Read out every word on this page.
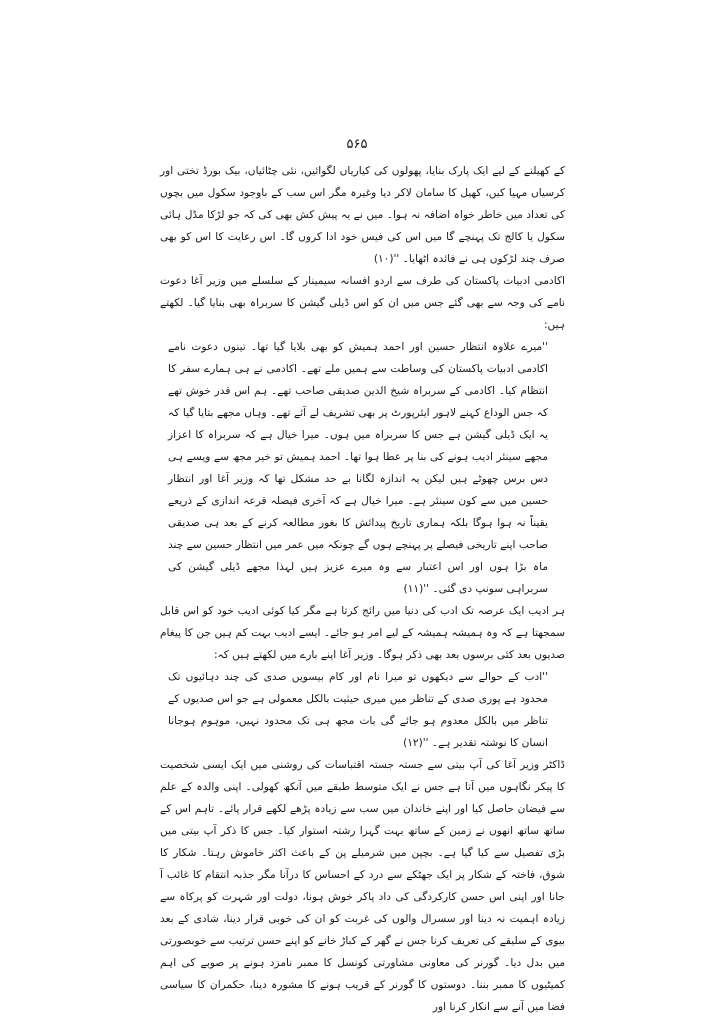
۵۶۵

کے کھیلنے کے لیے ایک پارک بنایا، پھولوں کی کیاریاں لگوائیں، نئی چٹائیاں، بیک بورڈ تختی اور کرسیاں مہیا کیں، کھیل کا سامان لاکر دیا وغیرہ مگر اس سب کے باوجود سکول میں بچوں کی تعداد میں خاطر خواہ اضافہ نہ ہوا۔ میں نے یہ پیش کش بھی کی کہ جو لڑکا مڈل ہائی سکول یا کالج تک پہنچے گا میں اس کی فیس خود ادا کروں گا۔ اس رعایت کا اس کو بھی صرف چند لڑکوں ہی نے فائدہ اٹھایا۔ ''(۱۰)

اکادمی ادبیات پاکستان کی طرف سے اردو افسانہ سیمینار کے سلسلے میں وزیر آغا دعوت نامے کی وجہ سے بھی گئے جس میں ان کو اس ڈیلی گیشن کا سربراہ بھی بنایا گیا۔ لکھتے ہیں:

''میرے علاوہ انتظار حسین اور احمد ہمیش کو بھی بلایا گیا تھا۔ تینوں دعوت نامے اکادمی ادبیات پاکستان کی وساطت سے ہمیں ملے تھے۔ اکادمی نے ہی ہمارے سفر کا انتظام کیا۔ اکادمی کے سربراہ شیخ الدین صدیقی صاحب تھے۔ ہم اس قدر خوش تھے کہ جس الوداع کہنے لاہور ایئرپورٹ پر بھی تشریف لے آئے تھے۔ وہاں مجھے بتایا گیا کہ یہ ایک ڈیلی گیشن ہے جس کا سربراہ میں ہوں۔ میرا خیال ہے کہ سربراہ کا اعزاز مجھے سینئر ادیب ہونے کی بنا پر عطا ہوا تھا۔ احمد ہمیش تو خیر مجھ سے ویسے ہی دس برس چھوٹے ہیں لیکن یہ اندازہ لگانا بے حد مشکل تھا کہ وزیر آغا اور انتظار حسین میں سے کون سینئر ہے۔ میرا خیال ہے کہ آخری فیصلہ قرعہ اندازی کے ذریعے یقیناً نہ ہوا ہوگا بلکہ ہماری تاریخ پیدائش کا بغور مطالعہ کرنے کے بعد ہی صدیقی صاحب اپنے تاریخی فیصلے پر پہنچے ہوں گے چونکہ میں عمر میں انتظار حسین سے چند ماہ بڑا ہوں اور اس اعتبار سے وہ میرے عزیز ہیں لہذا مجھے ڈیلی گیشن کی سربراہی سونپ دی گئی۔ ''(۱۱)

ہر ادیب ایک عرصہ تک ادب کی دنیا میں رائج کرتا ہے مگر کیا کوئی ادیب خود کو اس قابل سمجھتا ہے کہ وہ ہمیشہ ہمیشہ کے لیے امر ہو جائے۔ ایسے ادیب بہت کم ہیں جن کا پیغام صدیوں بعد کئی برسوں بعد بھی ذکر ہوگا۔ وزیر آغا اپنے بارے میں لکھتے ہیں کہ:

''ادب کے حوالے سے دیکھوں تو میرا نام اور کام بیسویں صدی کی چند دہائیوں تک محدود ہے پوری صدی کے تناظر میں میری حیثیت بالکل معمولی ہے جو اس صدیوں کے تناظر میں بالکل معدوم ہو جائے گی بات مجھ ہی تک محدود نہیں، موہوم ہوجانا انسان کا نوشتہ تقدیر ہے۔ ''(۱۲)

ڈاکٹر وزیر آغا کی آپ بیتی سے جستہ جستہ اقتباسات کی روشنی میں ایک ایسی شخصیت کا پیکر نگاہوں میں آتا ہے جس نے ایک متوسط طبقے میں آنکھ کھولی۔ اپنی والدہ کے علم سے فیضان حاصل کیا اور اپنے خاندان میں سب سے زیادہ پڑھے لکھے قرار پائے۔ تاہم اس کے ساتھ ساتھ انھوں نے زمین کے ساتھ بہت گہرا رشتہ استوار کیا۔ جس کا ذکر آپ بیتی میں بڑی تفصیل سے کیا گیا ہے۔ بچپن میں شرمیلے پن کے باعث اکثر خاموش رہتا۔ شکار کا شوق، فاختہ کے شکار پر ایک جھٹکے سے درد کے احساس کا درآنا مگر جذبہ انتقام کا غائب آ جانا اور اپنی اس حسن کارکردگی کی داد پاکر خوش ہونا، دولت اور شہرت کو پرکاہ سے زیادہ اہمیت نہ دینا اور سسرال والوں کی غربت کو ان کی خوبی قرار دینا، شادی کے بعد بیوی کے سلیقے کی تعریف کرنا جس نے گھر کے کباڑ خانے کو اپنے حسن ترتیب سے خوبصورتی میں بدل دیا۔ گورنر کی معاونی مشاورتی کونسل کا ممبر نامزد ہونے پر صوبے کی اہم کمیٹیوں کا ممبر بننا۔ دوستوں کا گورنر کے قریب ہونے کا مشورہ دینا، حکمران کا سیاسی فضا میں آنے سے انکار کرنا اور
